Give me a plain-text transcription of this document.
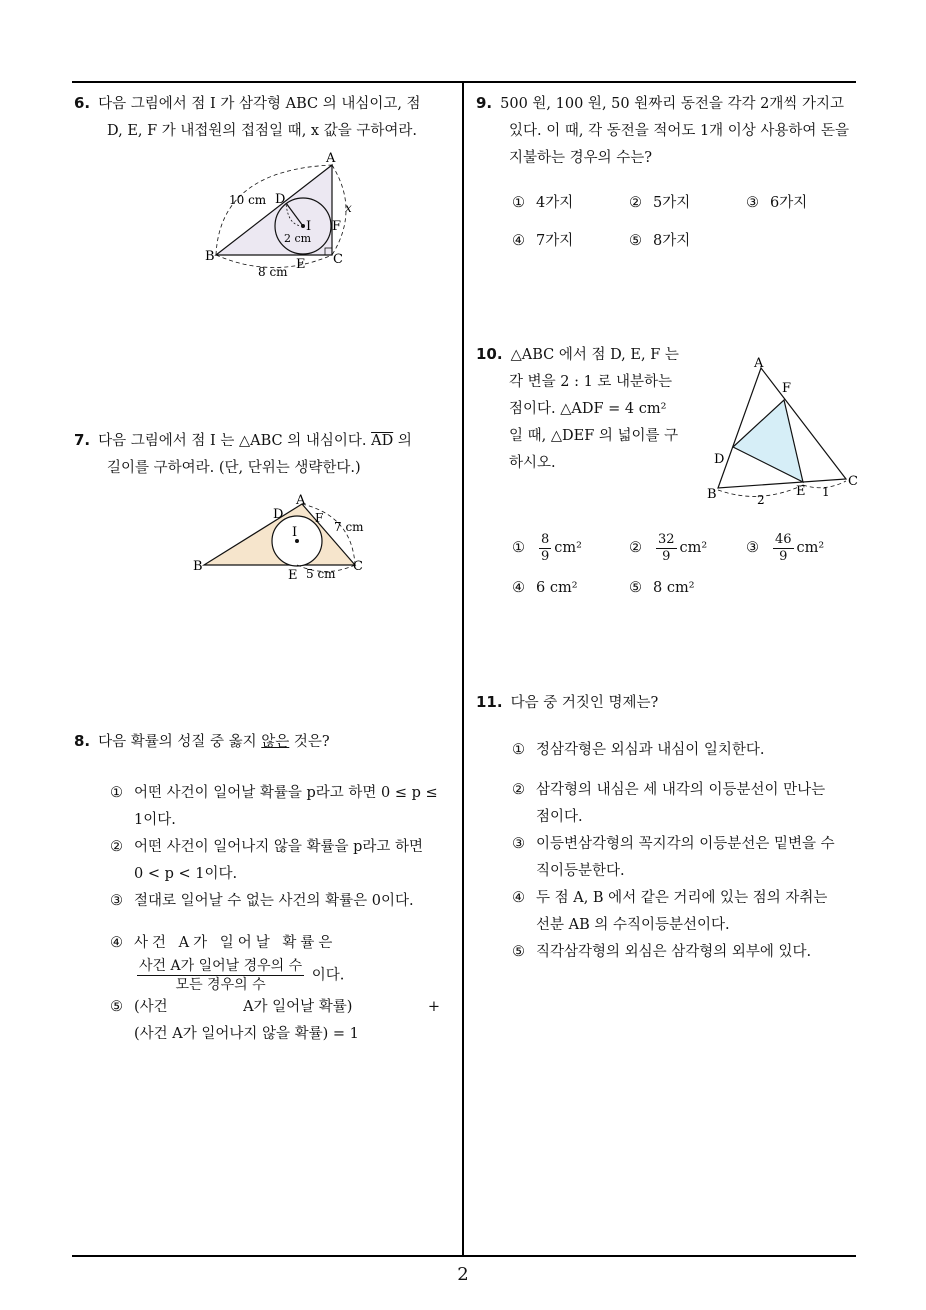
6. 다음 그림에서 점 I 가 삼각형 ABC 의 내심이고, 점
D, E, F 가 내접원의 접점일 때, x 값을 구하여라.
A
B	C
D
E
F
I
x
10 cm
8 cm
2 cm
7. 다음 그림에서 점 I 는 △ABC 의 내심이다. $\overline{AD}$ 의
길이를 구하여라. (단, 단위는 생략한다.)
A
B	C
D
E
F
I	7 cm
5 cm
8. 다음 확률의 성질 중 옳지 않은 것은?
① 어떤 사건이 일어날 확률을 p라고 하면 0 ≤ p ≤
1이다.
② 어떤 사건이 일어나지 않을 확률을 p라고 하면
0 < p < 1이다.
③ 절대로 일어날 수 없는 사건의 확률은 0이다.
④ 사건 A가 일어날 확률은
$\frac{\text{사건 A가 일어날 경우의 수}}{\text{모든 경우의 수}}$ 이다.
⑤ (사건	A가 일어날 확률)	+
(사건 A가 일어나지 않을 확률) = 1
9. 500 원, 100 원, 50 원짜리 동전을 각각 2개씩 가지고
있다. 이 때, 각 동전을 적어도 1개 이상 사용하여 돈을
지불하는 경우의 수는?
① 4가지	② 5가지	③ 6가지
④ 7가지	⑤ 8가지
10. △ABC 에서 점 D, E, F 는
각 변을 2 : 1 로 내분하는
점이다. △ADF = 4 cm²
일 때, △DEF 의 넓이를 구
하시오.
A
B
C
D
E
F
2
1
①	$\frac{8}{9} cm^2$	②	$\frac{32}{9} cm^2$	③	$\frac{46}{9} cm^2$
④ 6 cm²	⑤ 8 cm²
11. 다음 중 거짓인 명제는?
① 정삼각형은 외심과 내심이 일치한다.
② 삼각형의 내심은 세 내각의 이등분선이 만나는
점이다.
③ 이등변삼각형의 꼭지각의 이등분선은 밑변을 수
직이등분한다.
④ 두 점 A, B 에서 같은 거리에 있는 점의 자취는
선분 AB 의 수직이등분선이다.
⑤ 직각삼각형의 외심은 삼각형의 외부에 있다.
2
